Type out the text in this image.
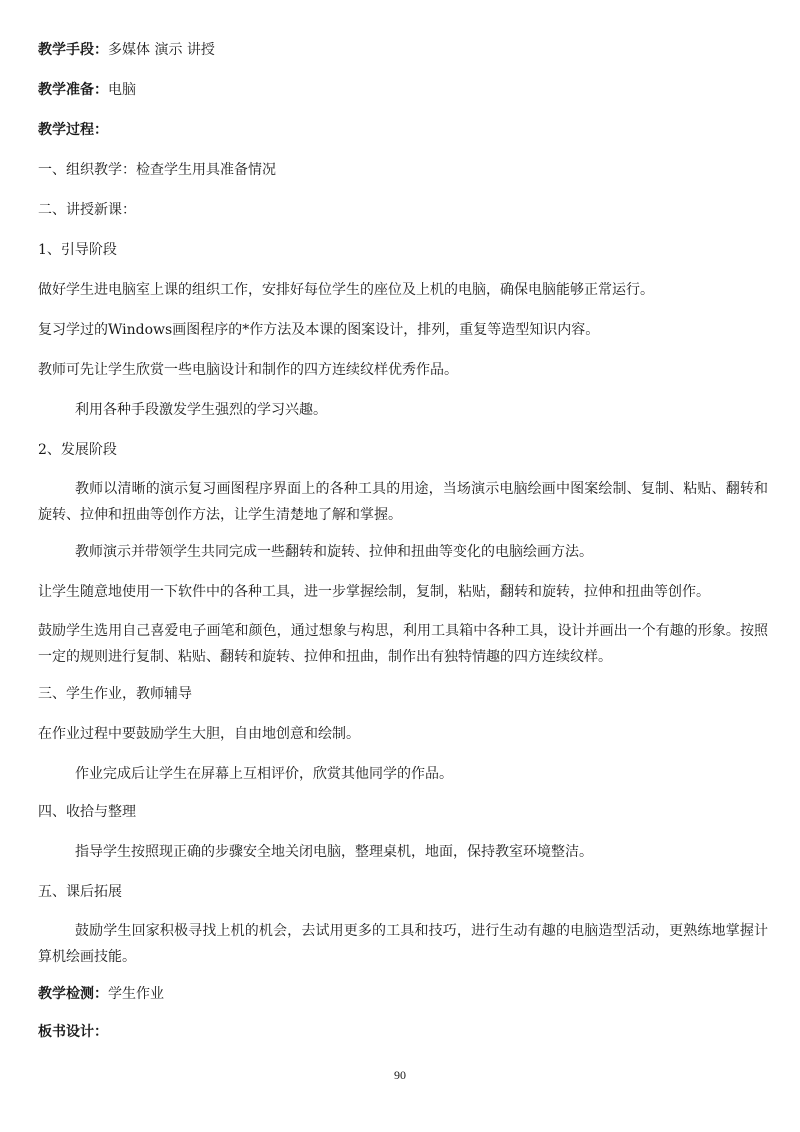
教学手段：多媒体 演示 讲授
教学准备：电脑
教学过程：
一、组织教学：检查学生用具准备情况
二、讲授新课：
1、引导阶段
做好学生进电脑室上课的组织工作，安排好每位学生的座位及上机的电脑，确保电脑能够正常运行。
复习学过的Windows画图程序的*作方法及本课的图案设计，排列，重复等造型知识内容。
教师可先让学生欣赏一些电脑设计和制作的四方连续纹样优秀作品。
利用各种手段激发学生强烈的学习兴趣。
2、发展阶段
教师以清晰的演示复习画图程序界面上的各种工具的用途，当场演示电脑绘画中图案绘制、复制、粘贴、翻转和旋转、拉伸和扭曲等创作方法，让学生清楚地了解和掌握。
教师演示并带领学生共同完成一些翻转和旋转、拉伸和扭曲等变化的电脑绘画方法。
让学生随意地使用一下软件中的各种工具，进一步掌握绘制，复制，粘贴，翻转和旋转，拉伸和扭曲等创作。
鼓励学生选用自己喜爱电子画笔和颜色，通过想象与构思，利用工具箱中各种工具，设计并画出一个有趣的形象。按照一定的规则进行复制、粘贴、翻转和旋转、拉伸和扭曲，制作出有独特情趣的四方连续纹样。
三、学生作业，教师辅导
在作业过程中要鼓励学生大胆，自由地创意和绘制。
作业完成后让学生在屏幕上互相评价，欣赏其他同学的作品。
四、收拾与整理
指导学生按照现正确的步骤安全地关闭电脑，整理桌机，地面，保持教室环境整洁。
五、课后拓展
鼓励学生回家积极寻找上机的机会，去试用更多的工具和技巧，进行生动有趣的电脑造型活动，更熟练地掌握计算机绘画技能。
教学检测：学生作业
板书设计：
90
